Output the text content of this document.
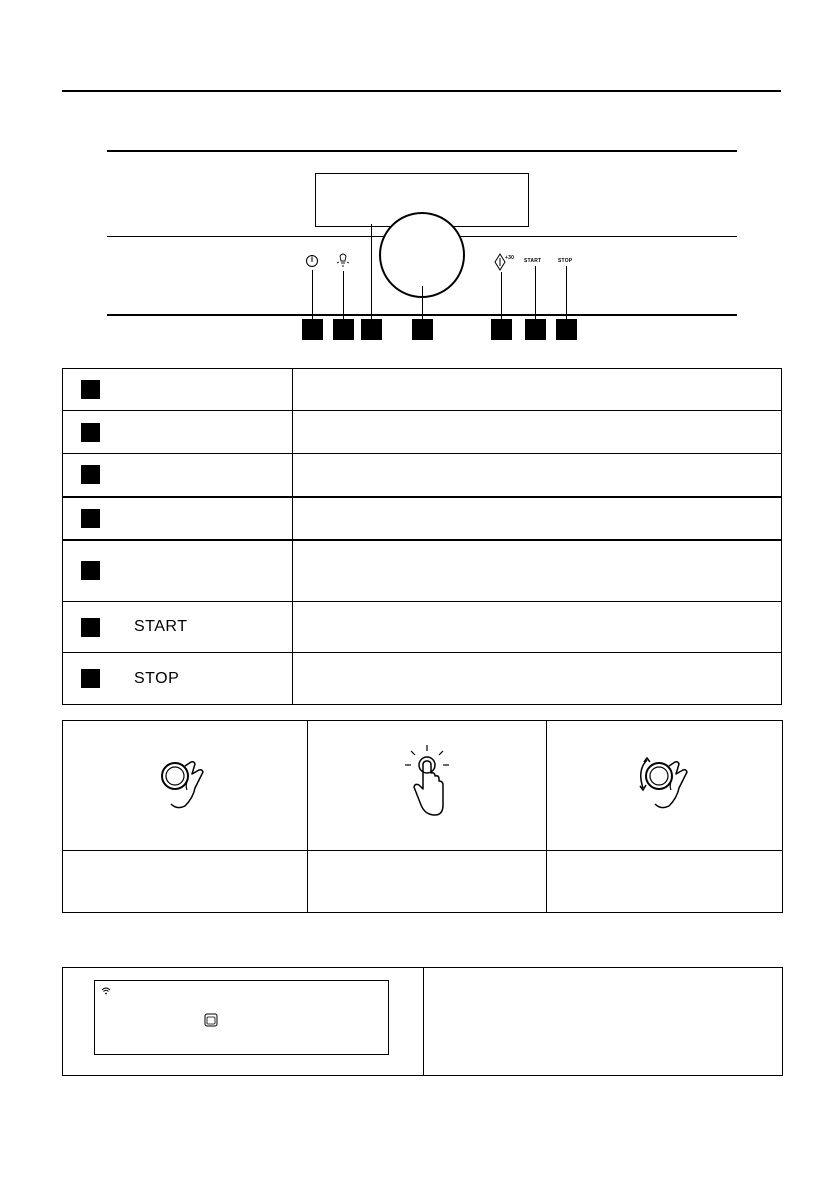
+30 START	STOP

	START	

	STOP	
